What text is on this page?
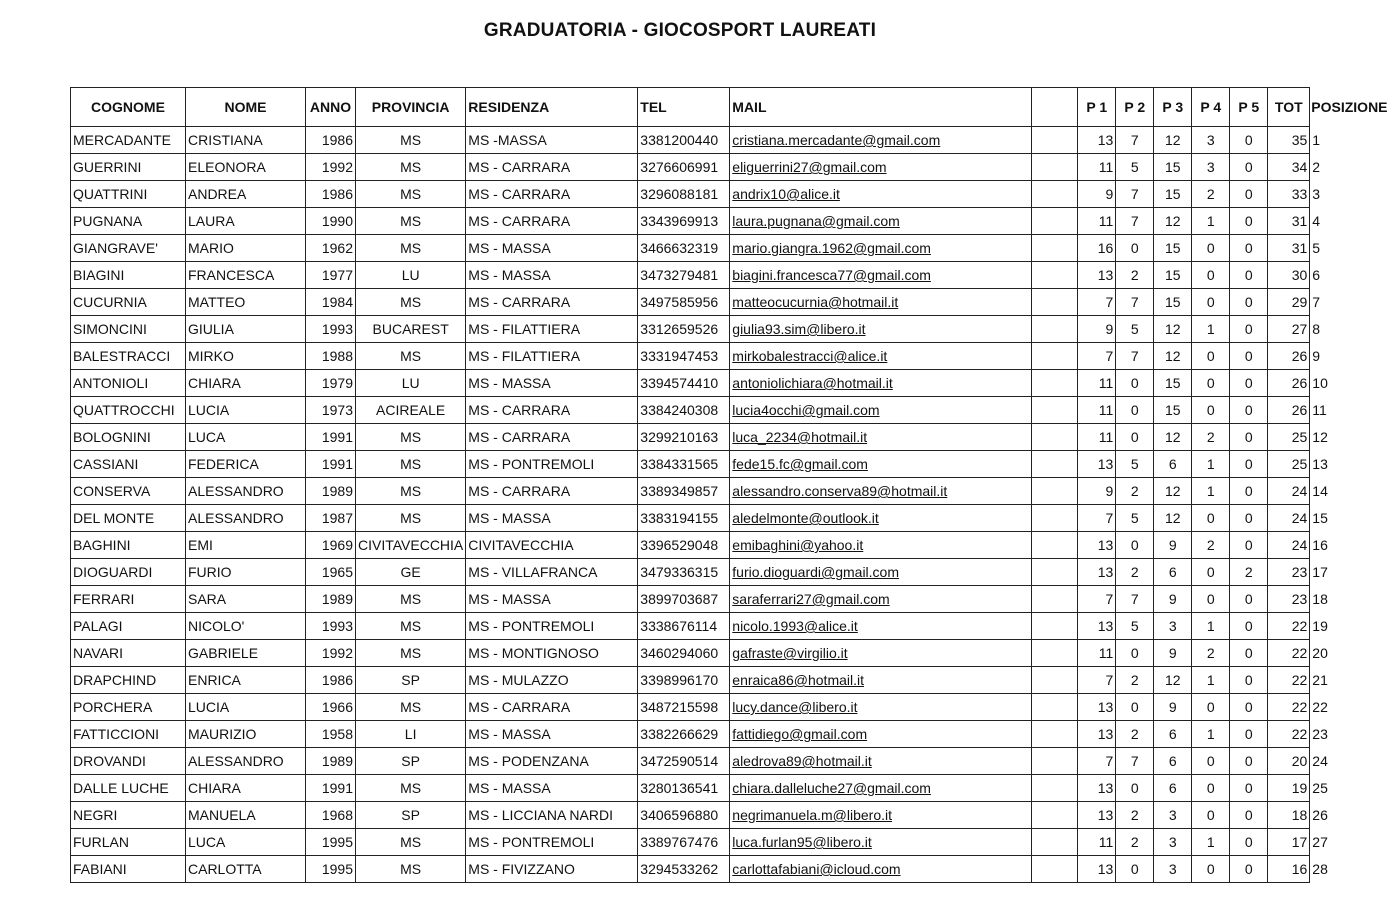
GRADUATORIA - GIOCOSPORT LAUREATI
COGNOME	NOME	ANNO	PROVINCIA	RESIDENZA	TEL	MAIL		P 1	P 2	P 3	P 4	P 5	TOT	POSIZIONE
MERCADANTE	CRISTIANA	1986	MS	MS -MASSA	3381200440	cristiana.mercadante@gmail.com		13	7	12	3	0	35	1
GUERRINI	ELEONORA	1992	MS	MS - CARRARA	3276606991	eliguerrini27@gmail.com		11	5	15	3	0	34	2
QUATTRINI	ANDREA	1986	MS	MS - CARRARA	3296088181	andrix10@alice.it		9	7	15	2	0	33	3
PUGNANA	LAURA	1990	MS	MS - CARRARA	3343969913	laura.pugnana@gmail.com		11	7	12	1	0	31	4
GIANGRAVE'	MARIO	1962	MS	MS - MASSA	3466632319	mario.giangra.1962@gmail.com		16	0	15	0	0	31	5
BIAGINI	FRANCESCA	1977	LU	MS - MASSA	3473279481	biagini.francesca77@gmail.com		13	2	15	0	0	30	6
CUCURNIA	MATTEO	1984	MS	MS - CARRARA	3497585956	matteocucurnia@hotmail.it		7	7	15	0	0	29	7
SIMONCINI	GIULIA	1993	BUCAREST	MS - FILATTIERA	3312659526	giulia93.sim@libero.it		9	5	12	1	0	27	8
BALESTRACCI	MIRKO	1988	MS	MS - FILATTIERA	3331947453	mirkobalestracci@alice.it		7	7	12	0	0	26	9
ANTONIOLI	CHIARA	1979	LU	MS - MASSA	3394574410	antoniolichiara@hotmail.it		11	0	15	0	0	26	10
QUATTROCCHI	LUCIA	1973	ACIREALE	MS - CARRARA	3384240308	lucia4occhi@gmail.com		11	0	15	0	0	26	11
BOLOGNINI	LUCA	1991	MS	MS - CARRARA	3299210163	luca_2234@hotmail.it		11	0	12	2	0	25	12
CASSIANI	FEDERICA	1991	MS	MS - PONTREMOLI	3384331565	fede15.fc@gmail.com		13	5	6	1	0	25	13
CONSERVA	ALESSANDRO	1989	MS	MS - CARRARA	3389349857	alessandro.conserva89@hotmail.it		9	2	12	1	0	24	14
DEL MONTE	ALESSANDRO	1987	MS	MS - MASSA	3383194155	aledelmonte@outlook.it		7	5	12	0	0	24	15
BAGHINI	EMI	1969	CIVITAVECCHIA	CIVITAVECCHIA	3396529048	emibaghini@yahoo.it		13	0	9	2	0	24	16
DIOGUARDI	FURIO	1965	GE	MS - VILLAFRANCA	3479336315	furio.dioguardi@gmail.com		13	2	6	0	2	23	17
FERRARI	SARA	1989	MS	MS - MASSA	3899703687	saraferrari27@gmail.com		7	7	9	0	0	23	18
PALAGI	NICOLO'	1993	MS	MS - PONTREMOLI	3338676114	nicolo.1993@alice.it		13	5	3	1	0	22	19
NAVARI	GABRIELE	1992	MS	MS - MONTIGNOSO	3460294060	gafraste@virgilio.it		11	0	9	2	0	22	20
DRAPCHIND	ENRICA	1986	SP	MS - MULAZZO	3398996170	enraica86@hotmail.it		7	2	12	1	0	22	21
PORCHERA	LUCIA	1966	MS	MS - CARRARA	3487215598	lucy.dance@libero.it		13	0	9	0	0	22	22
FATTICCIONI	MAURIZIO	1958	LI	MS - MASSA	3382266629	fattidiego@gmail.com		13	2	6	1	0	22	23
DROVANDI	ALESSANDRO	1989	SP	MS - PODENZANA	3472590514	aledrova89@hotmail.it		7	7	6	0	0	20	24
DALLE LUCHE	CHIARA	1991	MS	MS - MASSA	3280136541	chiara.dalleluche27@gmail.com		13	0	6	0	0	19	25
NEGRI	MANUELA	1968	SP	MS - LICCIANA NARDI	3406596880	negrimanuela.m@libero.it		13	2	3	0	0	18	26
FURLAN	LUCA	1995	MS	MS - PONTREMOLI	3389767476	luca.furlan95@libero.it		11	2	3	1	0	17	27
FABIANI	CARLOTTA	1995	MS	MS - FIVIZZANO	3294533262	carlottafabiani@icloud.com		13	0	3	0	0	16	28
